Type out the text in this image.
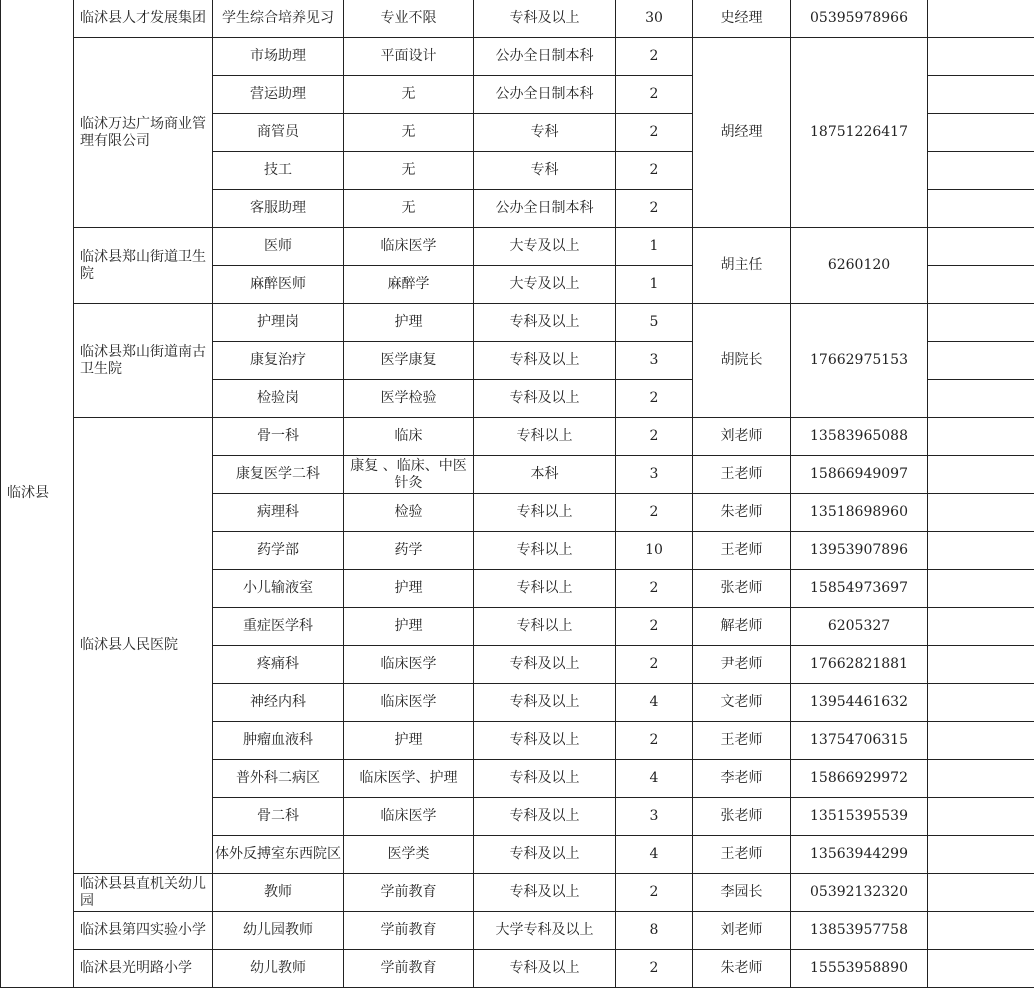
临沭县	临沭县人才发展集团	学生综合培养见习	专业不限	专科及以上	30	史经理	05395978966	
	临沭万达广场商业管理有限公司	市场助理	平面设计	公办全日制本科	2	胡经理	18751226417	
		营运助理	无	公办全日制本科	2			
		商管员	无	专科	2			
		技工	无	专科	2			
		客服助理	无	公办全日制本科	2			
	临沭县郑山街道卫生院	医师	临床医学	大专及以上	1	胡主任	6260120	
		麻醉医师	麻醉学	大专及以上	1			
	临沭县郑山街道南古卫生院	护理岗	护理	专科及以上	5	胡院长	17662975153	
		康复治疗	医学康复	专科及以上	3			
		检验岗	医学检验	专科及以上	2			
	临沭县人民医院	骨一科	临床	专科以上	2	刘老师	13583965088	
		康复医学二科	康复 、临床、中医针灸	本科	3	王老师	15866949097	
		病理科	检验	专科以上	2	朱老师	13518698960	
		药学部	药学	专科以上	10	王老师	13953907896	
		小儿输液室	护理	专科以上	2	张老师	15854973697	
		重症医学科	护理	专科以上	2	解老师	6205327	
		疼痛科	临床医学	专科及以上	2	尹老师	17662821881	
		神经内科	临床医学	专科及以上	4	文老师	13954461632	
		肿瘤血液科	护理	专科及以上	2	王老师	13754706315	
		普外科二病区	临床医学、护理	专科及以上	4	李老师	15866929972	
		骨二科	临床医学	专科及以上	3	张老师	13515395539	
		体外反搏室东西院区	医学类	专科及以上	4	王老师	13563944299	
	临沭县县直机关幼儿园	教师	学前教育	专科及以上	2	李园长	05392132320	
	临沭县第四实验小学	幼儿园教师	学前教育	大学专科及以上	8	刘老师	13853957758	
	临沭县光明路小学	幼儿教师	学前教育	专科及以上	2	朱老师	15553958890	
